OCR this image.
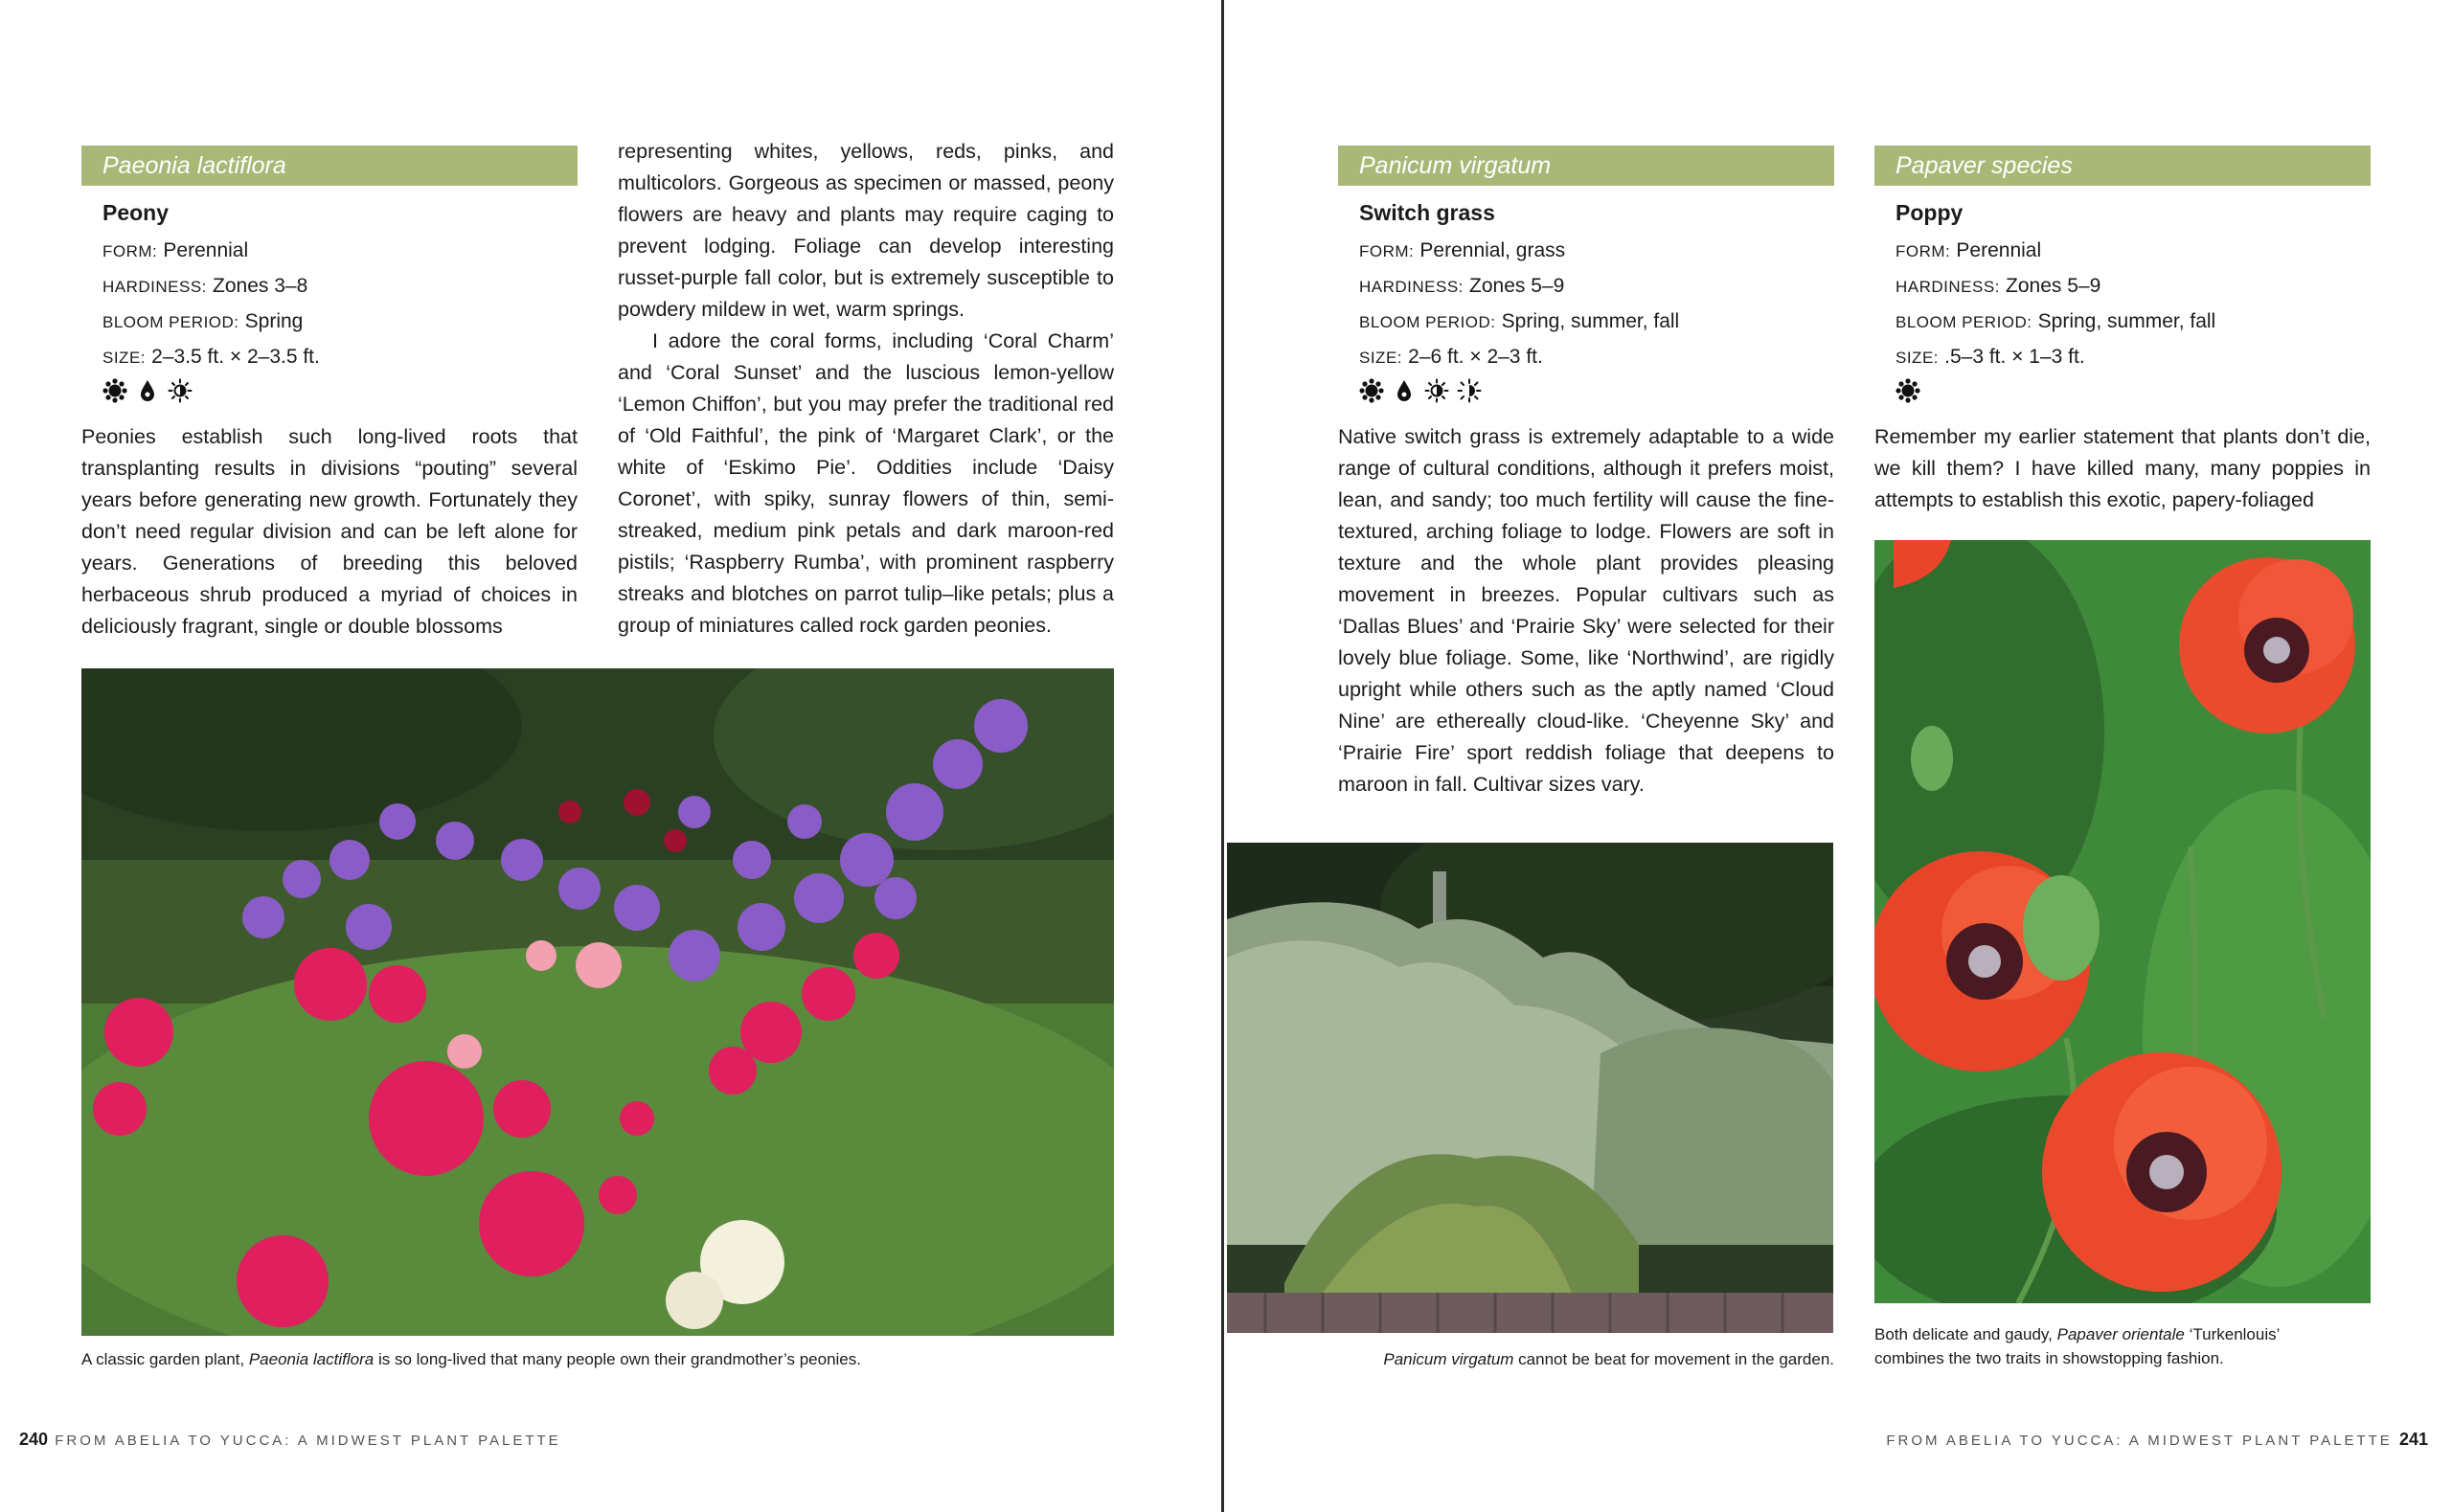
Paeonia lactiflora
Peony
FORM: Perennial
HARDINESS: Zones 3–8
BLOOM PERIOD: Spring
SIZE: 2–3.5 ft. × 2–3.5 ft.

Peonies establish such long-lived roots that transplanting results in divisions “pouting” several years before generating new growth. Fortunately they don’t need regular division and can be left alone for years. Generations of breeding this beloved herbaceous shrub produced a myriad of choices in deliciously fragrant, single or double blossoms

representing whites, yellows, reds, pinks, and multicolors. Gorgeous as specimen or massed, peony flowers are heavy and plants may require caging to prevent lodging. Foliage can develop interesting russet-purple fall color, but is extremely susceptible to powdery mildew in wet, warm springs.
I adore the coral forms, including ‘Coral Charm’ and ‘Coral Sunset’ and the luscious lemon-yellow ‘Lemon Chiffon’, but you may prefer the traditional red of ‘Old Faithful’, the pink of ‘Margaret Clark’, or the white of ‘Eskimo Pie’. Oddities include ‘Daisy Coronet’, with spiky, sunray flowers of thin, semi-streaked, medium pink petals and dark maroon-red pistils; ‘Raspberry Rumba’, with prominent raspberry streaks and blotches on parrot tulip–like petals; plus a group of miniatures called rock garden peonies.
A classic garden plant, Paeonia lactiflora is so long-lived that many people own their grandmother’s peonies.
240 FROM ABELIA TO YUCCA: A MIDWEST PLANT PALETTE
Panicum virgatum	Papaver species
Switch grass
FORM: Perennial, grass
HARDINESS: Zones 5–9
BLOOM PERIOD: Spring, summer, fall
SIZE: 2–6 ft. × 2–3 ft.
Poppy
FORM: Perennial
HARDINESS: Zones 5–9
BLOOM PERIOD: Spring, summer, fall
SIZE: .5–3 ft. × 1–3 ft.

Native switch grass is extremely adaptable to a wide range of cultural conditions, although it prefers moist, lean, and sandy; too much fertility will cause the fine-textured, arching foliage to lodge. Flowers are soft in texture and the whole plant provides pleasing movement in breezes. Popular cultivars such as ‘Dallas Blues’ and ‘Prairie Sky’ were selected for their lovely blue foliage. Some, like ‘Northwind’, are rigidly upright while others such as the aptly named ‘Cloud Nine’ are ethereally cloud-like. ‘Cheyenne Sky’ and ‘Prairie Fire’ sport reddish foliage that deepens to maroon in fall. Cultivar sizes vary.

Remember my earlier statement that plants don’t die, we kill them? I have killed many, many poppies in attempts to establish this exotic, papery-foliaged

Panicum virgatum cannot be beat for movement in the garden.
Both delicate and gaudy, Papaver orientale ‘Turkenlouis’ combines the two traits in showstopping fashion.
FROM ABELIA TO YUCCA: A MIDWEST PLANT PALETTE 241
